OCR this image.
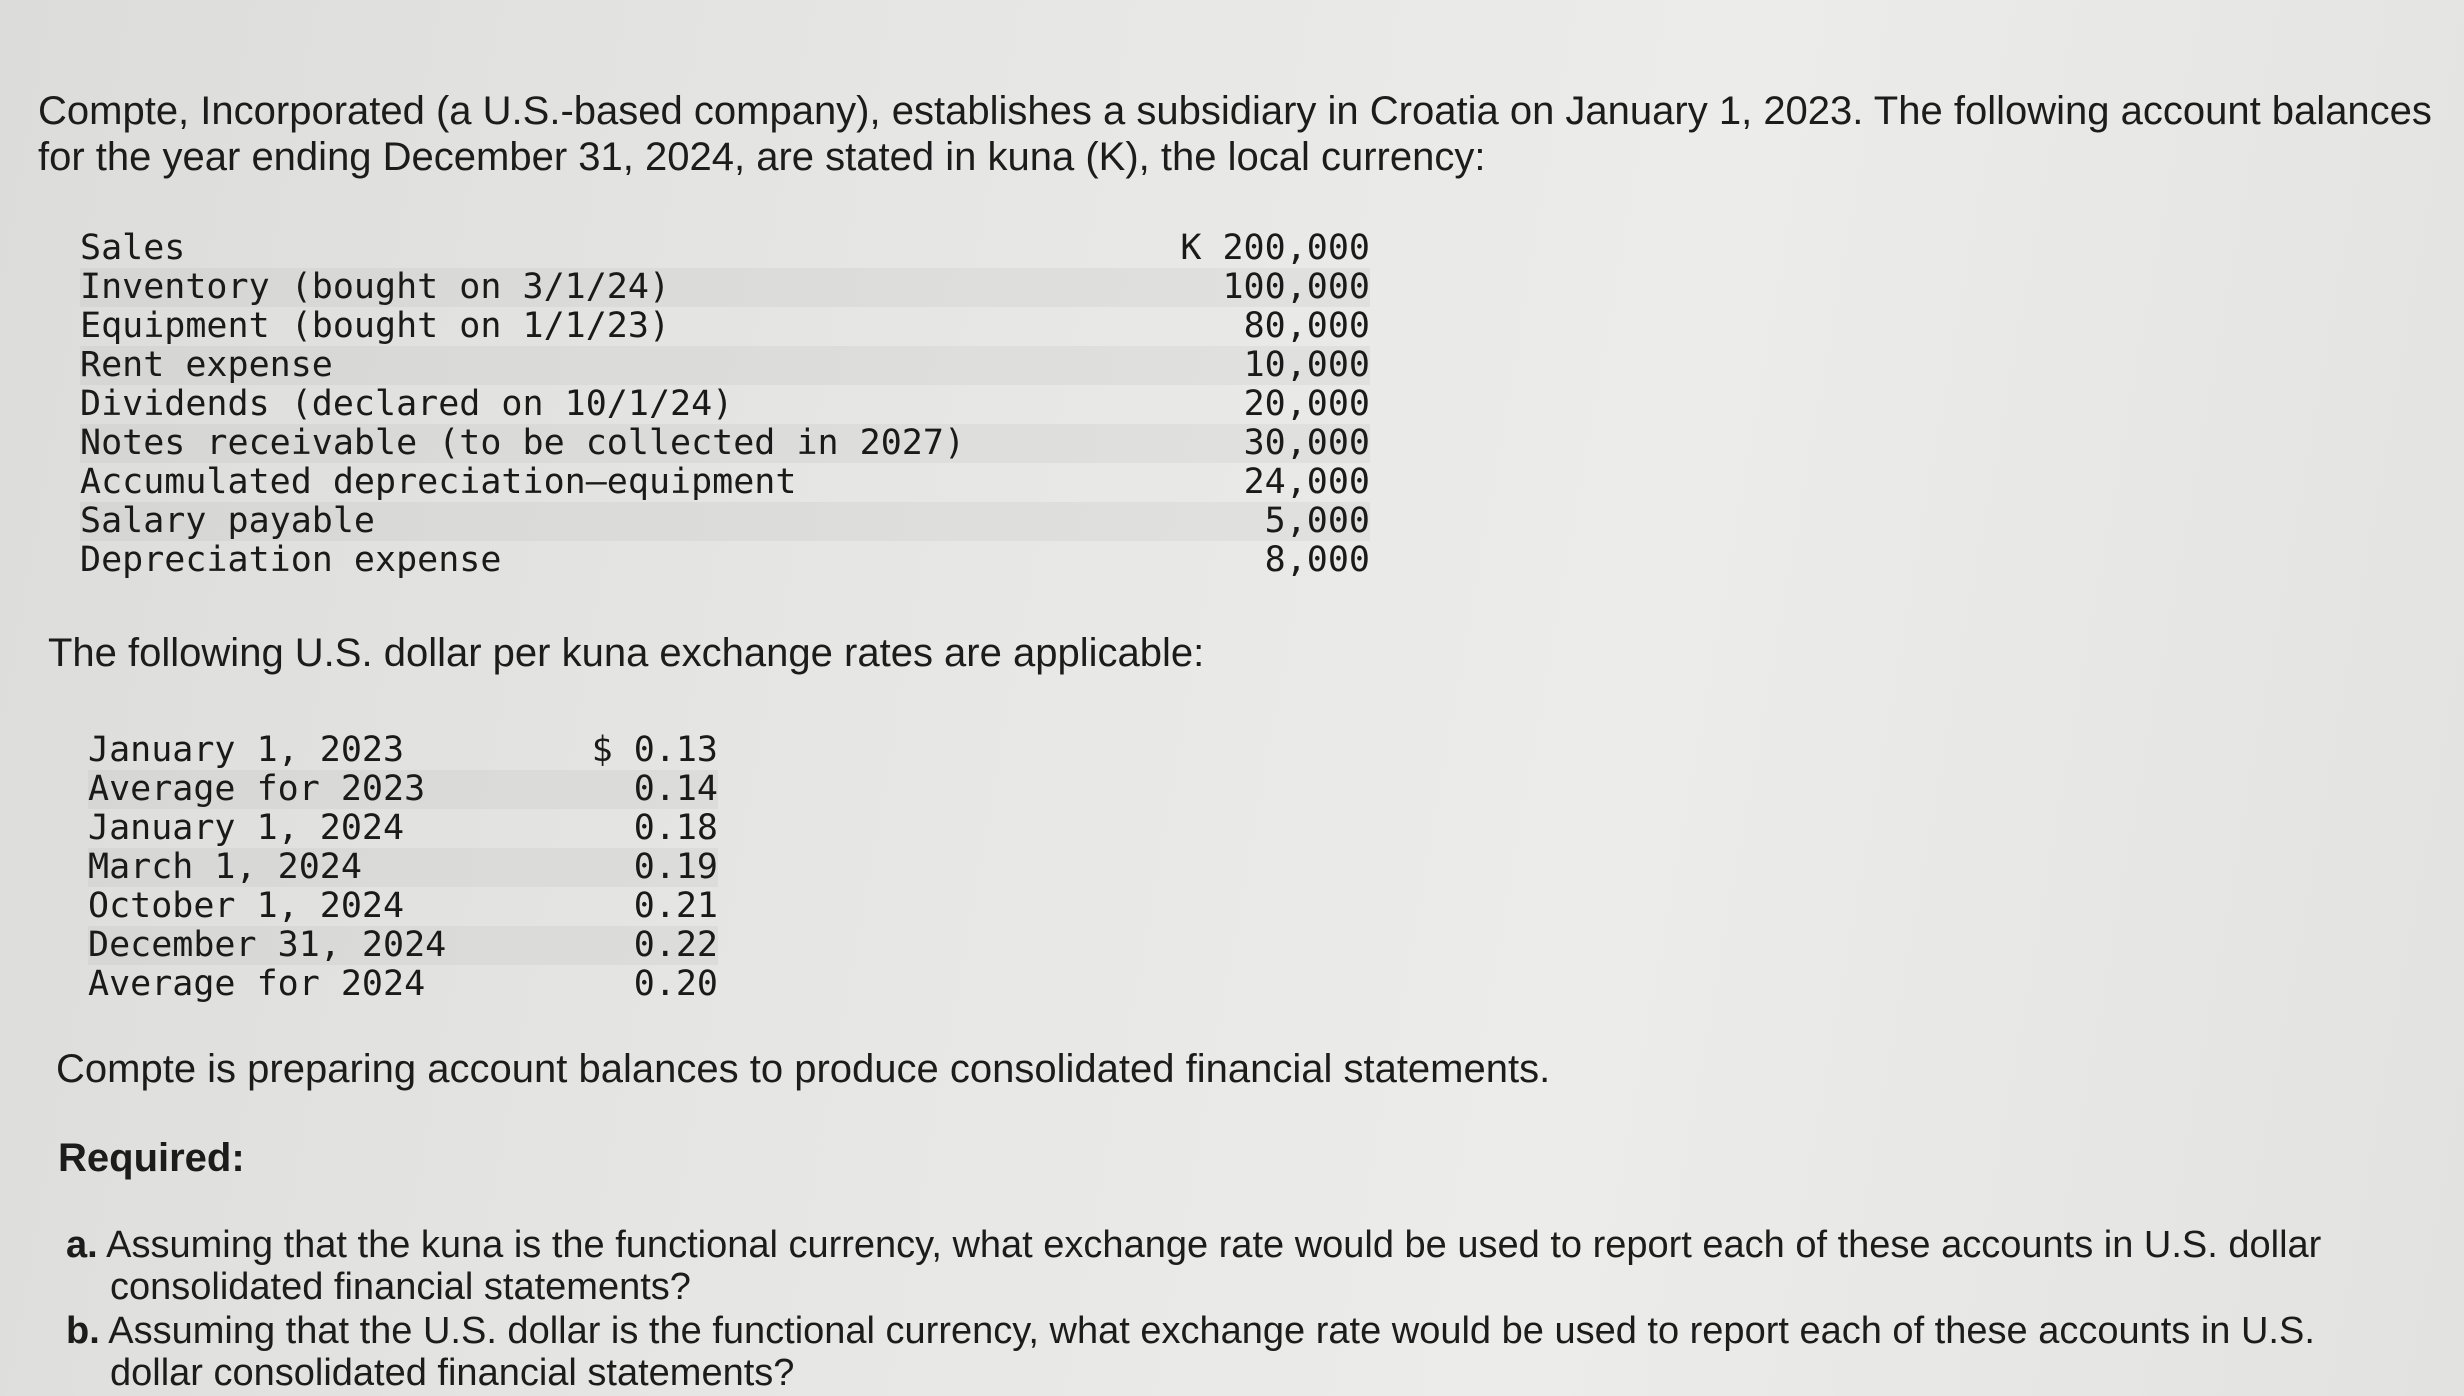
Compte, Incorporated (a U.S.-based company), establishes a subsidiary in Croatia on January 1, 2023. The following account balances
for the year ending December 31, 2024, are stated in kuna (K), the local currency:
Sales	K 200,000
Inventory (bought on 3/1/24)	100,000
Equipment (bought on 1/1/23)	80,000
Rent expense	10,000
Dividends (declared on 10/1/24)	20,000
Notes receivable (to be collected in 2027)	30,000
Accumulated depreciation—equipment	24,000
Salary payable	5,000
Depreciation expense	8,000
The following U.S. dollar per kuna exchange rates are applicable:
January 1, 2023	$ 0.13
Average for 2023	0.14
January 1, 2024	0.18
March 1, 2024	0.19
October 1, 2024	0.21
December 31, 2024	0.22
Average for 2024	0.20
Compte is preparing account balances to produce consolidated financial statements.
Required:
a. Assuming that the kuna is the functional currency, what exchange rate would be used to report each of these accounts in U.S. dollar
consolidated financial statements?
b. Assuming that the U.S. dollar is the functional currency, what exchange rate would be used to report each of these accounts in U.S.
dollar consolidated financial statements?
